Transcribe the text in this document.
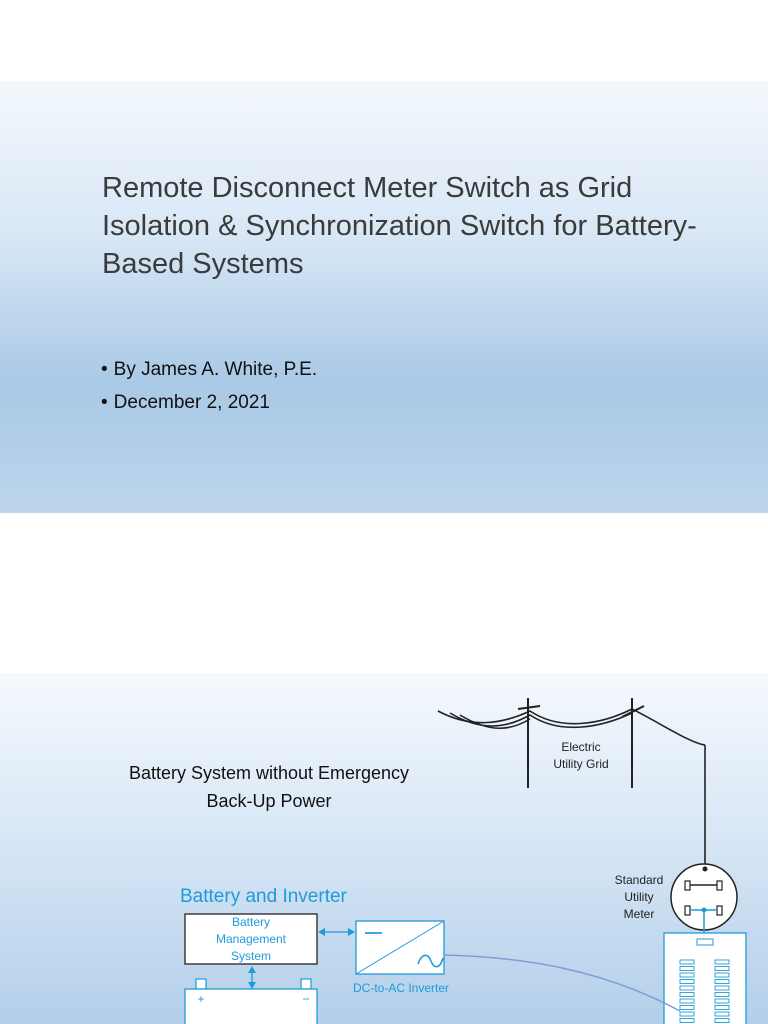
Remote Disconnect Meter Switch as Grid Isolation & Synchronization Switch for Battery-Based Systems
• By James A. White, P.E.
• December 2, 2021

Battery System without Emergency Back-Up Power

Electric
Utility Grid
Standard
Utility
Meter
Battery and Inverter
Battery
Management
System
DC-to-AC Inverter
+	−
